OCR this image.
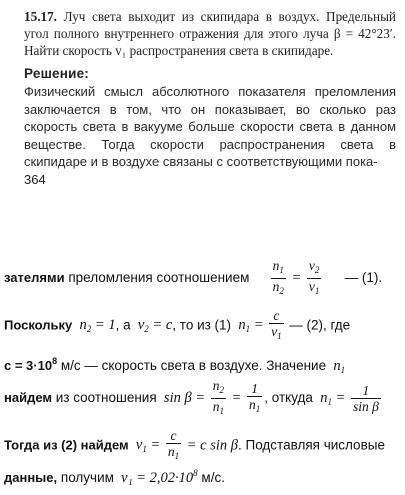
15.17. Луч света выходит из скипидара в воздух. Предельный угол полного внутреннего отражения для этого луча β = 42°23′. Найти скорость v₁ распространения света в скипидаре.

Решение:

Физический смысл абсолютного показателя преломления заключается в том, что он показывает, во сколько раз скорость света в вакууме больше скорости света в данном веществе. Тогда скорости распространения света в скипидаре и в воздухе связаны с соответствующими пока-

364

зателями преломления соотношением $\frac{n_1}{n_2} = \frac{v_2}{v_1}$ — (1).
Поскольку  $n_2 = 1$, а  $v_2 = c$, то из (1)  $n_1 = \frac{c}{v_1}$ — (2), где
$c = 3\cdot 10^8$ м/с — скорость света в воздухе. Значение  $n_1$
найдем из соотношения  $\sin \beta = \frac{n_2}{n_1} = \frac{1}{n_1}$ , откуда  $n_1 = \frac{1}{\text{sin β}}$
Тогда из (2) найдем  $v_1 = \frac{c}{n_1} = c$ sin β. Подставляя числовые
данные, получим $v_1 = 2,02\cdot 10^8$ м/с.
